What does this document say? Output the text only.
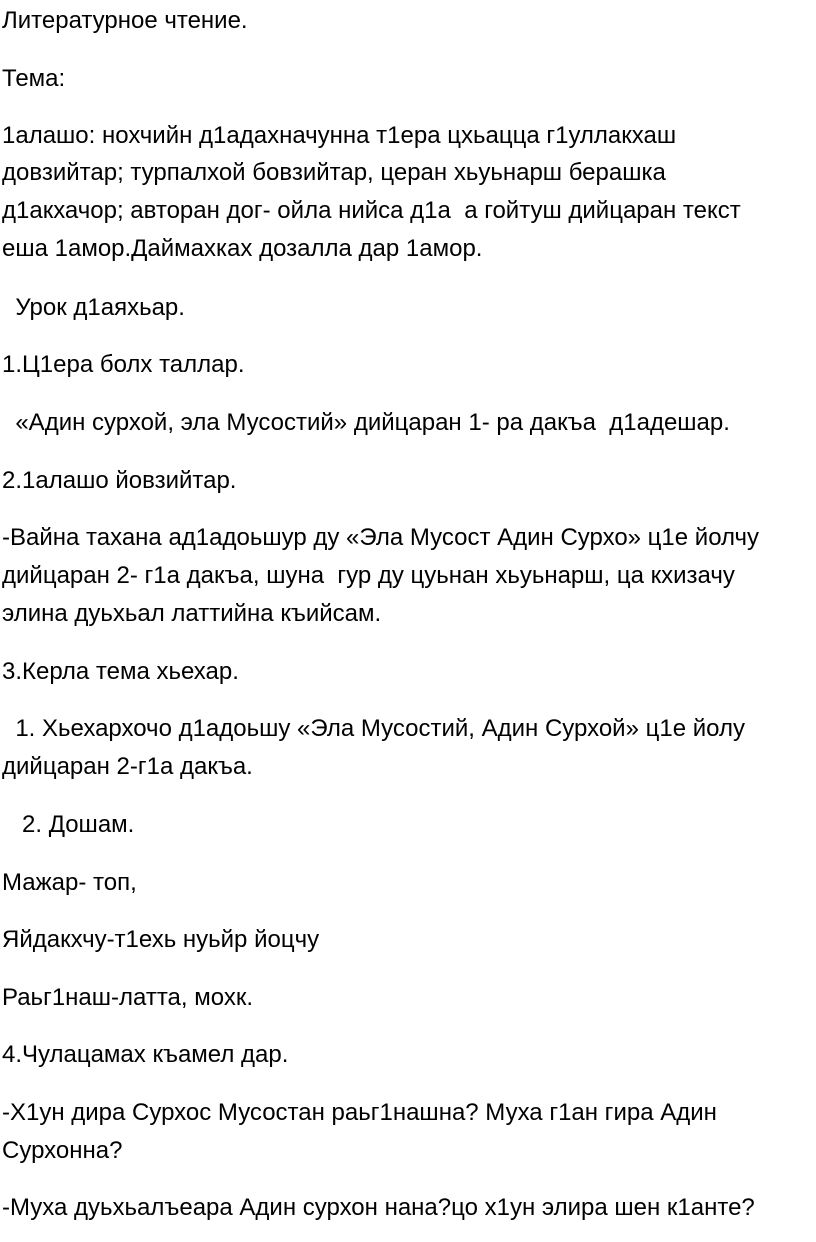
Литературное чтение.

Тема:

1алашо: нохчийн д1адахначунна т1ера цхьацца г1уллакхаш

довзийтар; турпалхой бовзийтар, церан хьуьнарш берашка

д1акхачор; авторан дог- ойла нийса д1а  а гойтуш дийцаран текст

еша 1амор.Даймахках дозалла дар 1амор.

Урок д1аяхьар.

1.Ц1ера болх таллар.

«Адин сурхой, эла Мусостий» дийцаран 1- ра дакъа  д1адешар.

2.1алашо йовзийтар.

-Вайна тахана ад1адоьшур ду «Эла Мусост Адин Сурхо» ц1е йолчу

дийцаран 2- г1а дакъа, шуна  гур ду цуьнан хьуьнарш, ца кхизачу

элина дуьхьал латтийна къийсам.

3.Керла тема хьехар.

1. Хьехархочо д1адоьшу «Эла Мусостий, Адин Сурхой» ц1е йолу

дийцаран 2-г1а дакъа.

2. Дошам.

Мажар- топ,

Яйдакхчу-т1ехь нуьйр йоцчу

Раьг1наш-латта, мохк.

4.Чулацамах къамел дар.

-Х1ун дира Сурхос Мусостан раьг1нашна? Муха г1ан гира Адин

Сурхонна?

-Муха дуьхьалъеара Адин сурхон нана?цо х1ун элира шен к1анте?
